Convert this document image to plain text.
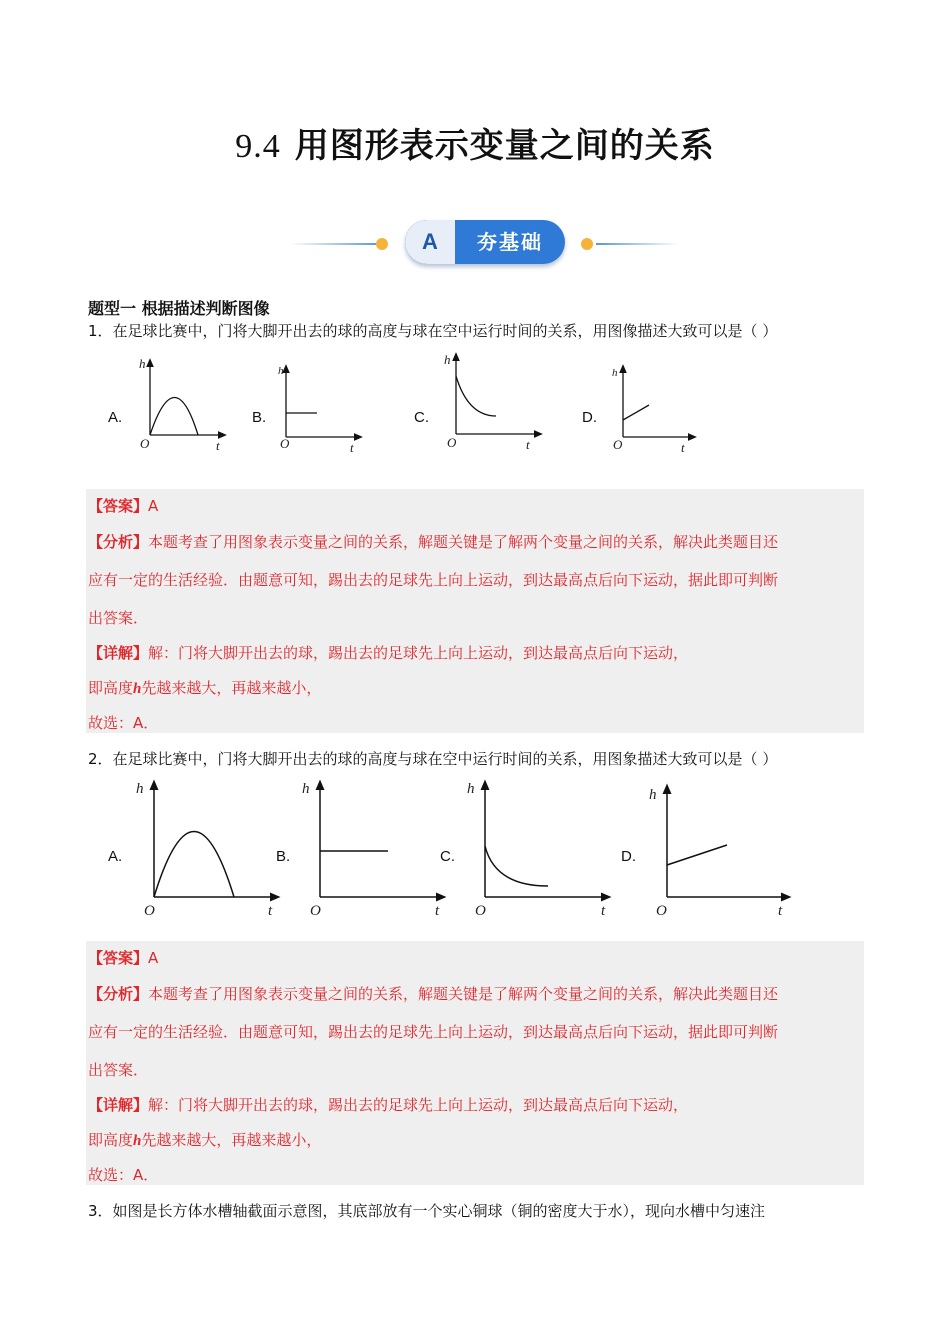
9.4 用图形表示变量之间的关系
A	夯基础
题型一 根据描述判断图像
1．在足球比赛中，门将大脚开出去的球的高度与球在空中运行时间的关系，用图像描述大致可以是（ ）
A.
h
t
O
B.
h
t
O
C.
h
t
O
D.
h
t
O
【答案】A
【分析】本题考查了用图象表示变量之间的关系，解题关键是了解两个变量之间的关系，解决此类题目还
应有一定的生活经验．由题意可知，踢出去的足球先上向上运动，到达最高点后向下运动，据此即可判断
出答案．
【详解】解：门将大脚开出去的球，踢出去的足球先上向上运动，到达最高点后向下运动，
即高度h先越来越大，再越来越小，
故选：A．
2．在足球比赛中，门将大脚开出去的球的高度与球在空中运行时间的关系，用图象描述大致可以是（ ）
A.
h
t
O
B.
h
t
O
C.
h
t
O
D.
h
t
O
【答案】A
【分析】本题考查了用图象表示变量之间的关系，解题关键是了解两个变量之间的关系，解决此类题目还
应有一定的生活经验．由题意可知，踢出去的足球先上向上运动，到达最高点后向下运动，据此即可判断
出答案．
【详解】解：门将大脚开出去的球，踢出去的足球先上向上运动，到达最高点后向下运动，
即高度h先越来越大，再越来越小，
故选：A．
3．如图是长方体水槽轴截面示意图，其底部放有一个实心铜球（铜的密度大于水），现向水槽中匀速注
